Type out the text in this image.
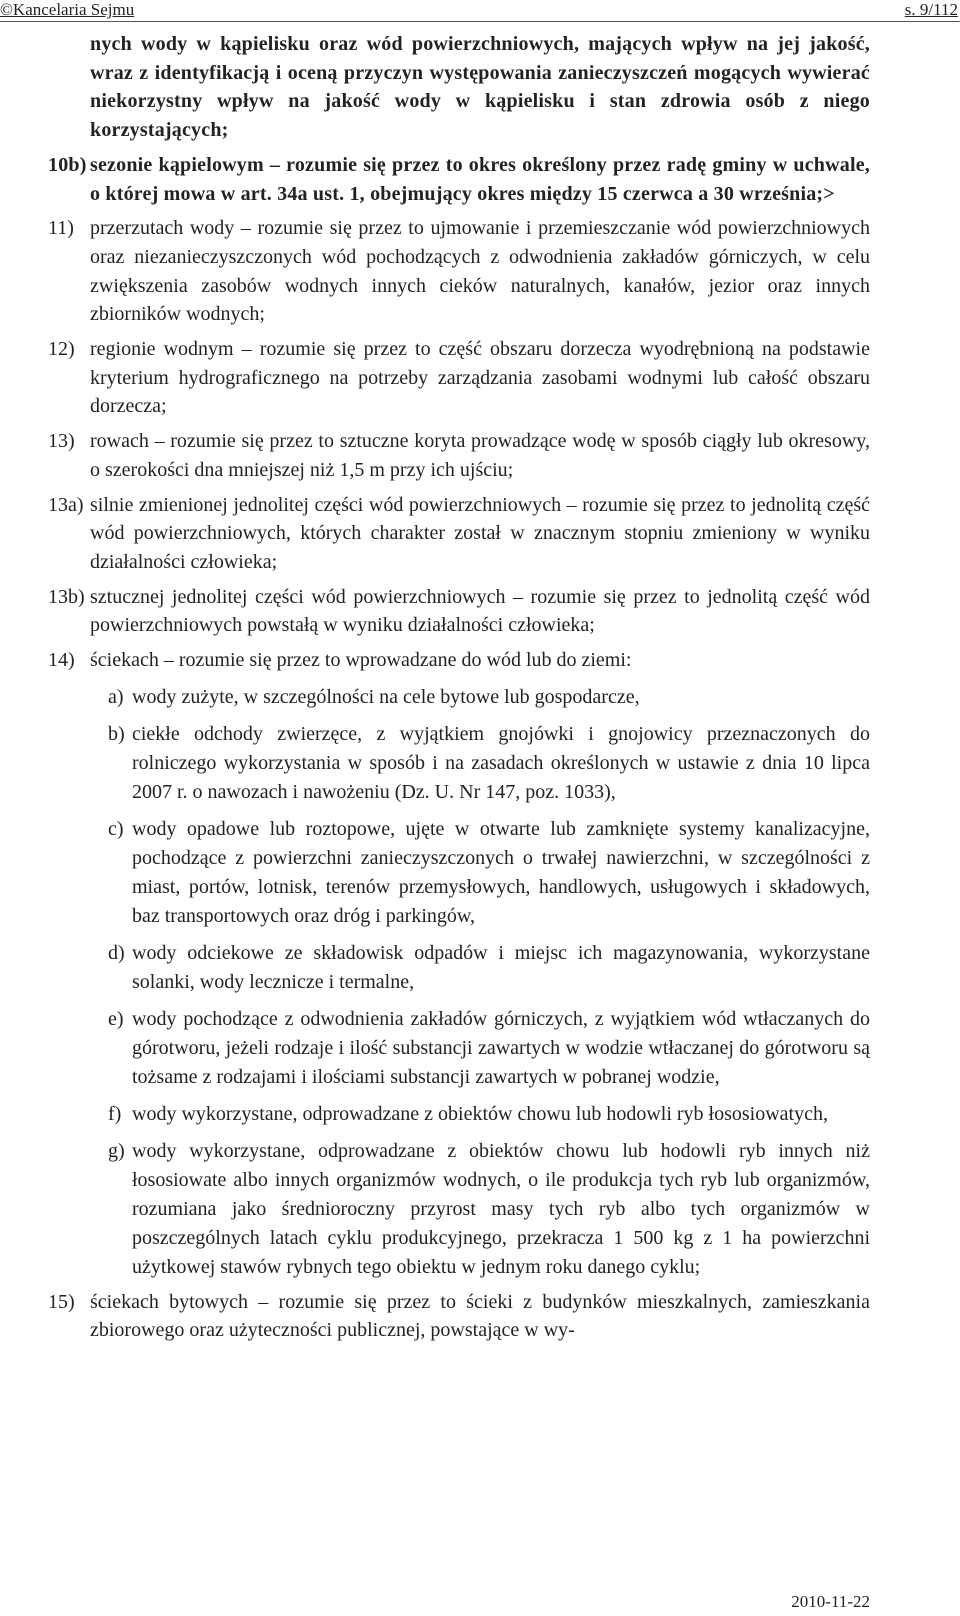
©Kancelaria Sejmu	s. 9/112

nych wody w kąpielisku oraz wód powierzchniowych, mających wpływ na jej jakość, wraz z identyfikacją i oceną przyczyn występowania zanieczyszczeń mogących wywierać niekorzystny wpływ na jakość wody w kąpielisku i stan zdrowia osób z niego korzystających;

10b) sezonie kąpielowym – rozumie się przez to okres określony przez radę gminy w uchwale, o której mowa w art. 34a ust. 1, obejmujący okres między 15 czerwca a 30 września;>

11) przerzutach wody – rozumie się przez to ujmowanie i przemieszczanie wód powierzchniowych oraz niezanieczyszczonych wód pochodzących z odwodnienia zakładów górniczych, w celu zwiększenia zasobów wodnych innych cieków naturalnych, kanałów, jezior oraz innych zbiorników wodnych;

12) regionie wodnym – rozumie się przez to część obszaru dorzecza wyodrębnioną na podstawie kryterium hydrograficznego na potrzeby zarządzania zasobami wodnymi lub całość obszaru dorzecza;

13) rowach – rozumie się przez to sztuczne koryta prowadzące wodę w sposób ciągły lub okresowy, o szerokości dna mniejszej niż 1,5 m przy ich ujściu;

13a) silnie zmienionej jednolitej części wód powierzchniowych – rozumie się przez to jednolitą część wód powierzchniowych, których charakter został w znacznym stopniu zmieniony w wyniku działalności człowieka;

13b) sztucznej jednolitej części wód powierzchniowych – rozumie się przez to jednolitą część wód powierzchniowych powstałą w wyniku działalności człowieka;

14) ściekach – rozumie się przez to wprowadzane do wód lub do ziemi:

a) wody zużyte, w szczególności na cele bytowe lub gospodarcze,

b) ciekłe odchody zwierzęce, z wyjątkiem gnojówki i gnojowicy przeznaczonych do rolniczego wykorzystania w sposób i na zasadach określonych w ustawie z dnia 10 lipca 2007 r. o nawozach i nawożeniu (Dz. U. Nr 147, poz. 1033),

c) wody opadowe lub roztopowe, ujęte w otwarte lub zamknięte systemy kanalizacyjne, pochodzące z powierzchni zanieczyszczonych o trwałej nawierzchni, w szczególności z miast, portów, lotnisk, terenów przemysłowych, handlowych, usługowych i składowych, baz transportowych oraz dróg i parkingów,

d) wody odciekowe ze składowisk odpadów i miejsc ich magazynowania, wykorzystane solanki, wody lecznicze i termalne,

e) wody pochodzące z odwodnienia zakładów górniczych, z wyjątkiem wód wtłaczanych do górotworu, jeżeli rodzaje i ilość substancji zawartych w wodzie wtłaczanej do górotworu są tożsame z rodzajami i ilościami substancji zawartych w pobranej wodzie,

f) wody wykorzystane, odprowadzane z obiektów chowu lub hodowli ryb łososiowatych,

g) wody wykorzystane, odprowadzane z obiektów chowu lub hodowli ryb innych niż łososiowate albo innych organizmów wodnych, o ile produkcja tych ryb lub organizmów, rozumiana jako średnioroczny przyrost masy tych ryb albo tych organizmów w poszczególnych latach cyklu produkcyjnego, przekracza 1 500 kg z 1 ha powierzchni użytkowej stawów rybnych tego obiektu w jednym roku danego cyklu;

15) ściekach bytowych – rozumie się przez to ścieki z budynków mieszkalnych, zamieszkania zbiorowego oraz użyteczności publicznej, powstające w wy-

2010-11-22
